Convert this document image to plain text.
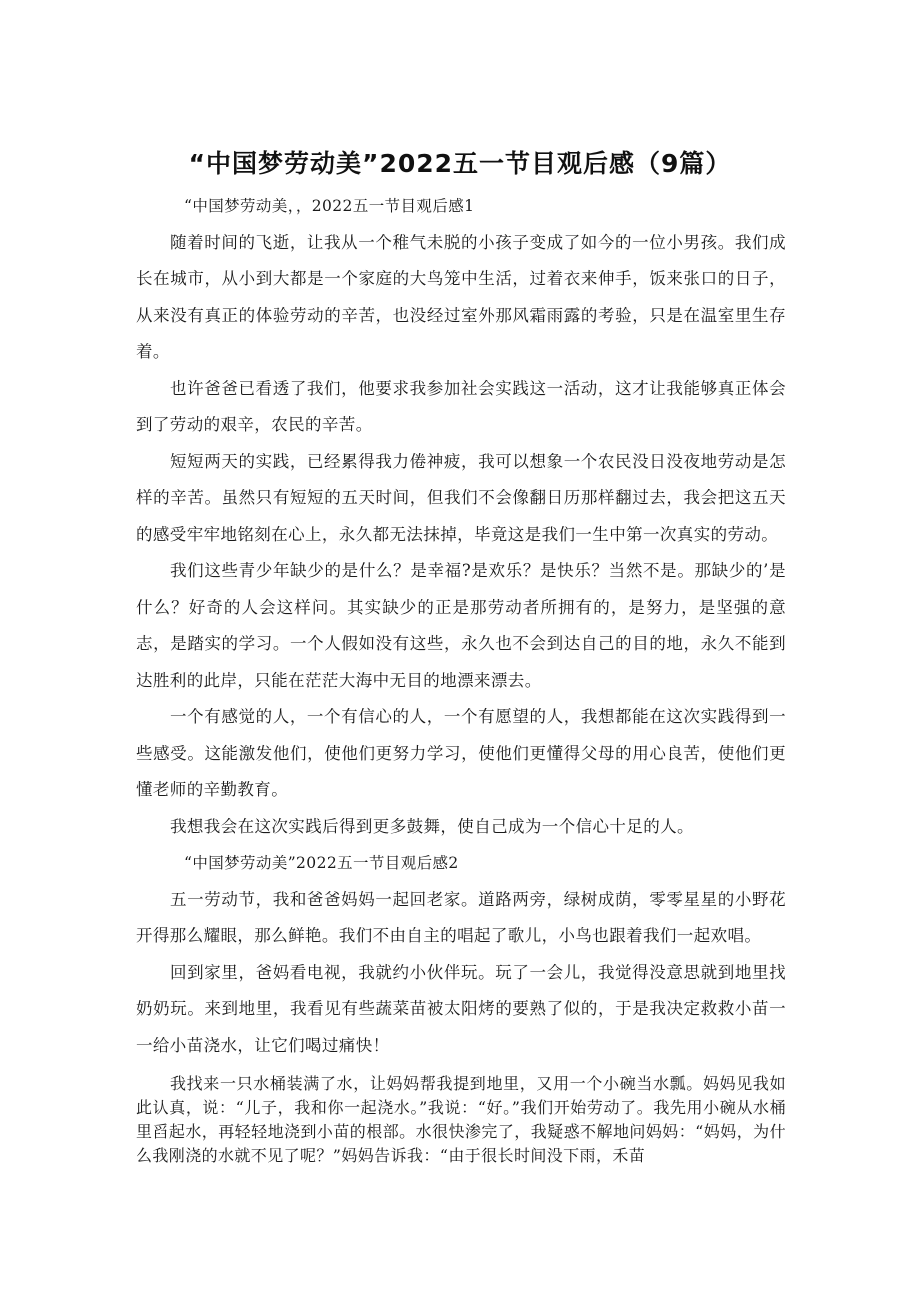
“中国梦劳动美”2022五一节目观后感（9篇）

“中国梦劳动美，，2022五一节目观后感1

随着时间的飞逝，让我从一个稚气未脱的小孩子变成了如今的一位小男孩。我们成长在城市，从小到大都是一个家庭的大鸟笼中生活，过着衣来伸手，饭来张口的日子，从来没有真正的体验劳动的辛苦，也没经过室外那风霜雨露的考验，只是在温室里生存着。

也许爸爸已看透了我们，他要求我参加社会实践这一活动，这才让我能够真正体会到了劳动的艰辛，农民的辛苦。

短短两天的实践，已经累得我力倦神疲，我可以想象一个农民没日没夜地劳动是怎样的辛苦。虽然只有短短的五天时间，但我们不会像翻日历那样翻过去，我会把这五天的感受牢牢地铭刻在心上，永久都无法抹掉，毕竟这是我们一生中第一次真实的劳动。

我们这些青少年缺少的是什么？是幸福?是欢乐？是快乐？当然不是。那缺少的’是什么？好奇的人会这样问。其实缺少的正是那劳动者所拥有的，是努力，是坚强的意志，是踏实的学习。一个人假如没有这些，永久也不会到达自己的目的地，永久不能到达胜利的此岸，只能在茫茫大海中无目的地漂来漂去。

一个有感觉的人，一个有信心的人，一个有愿望的人，我想都能在这次实践得到一些感受。这能激发他们，使他们更努力学习，使他们更懂得父母的用心良苦，使他们更懂老师的辛勤教育。

我想我会在这次实践后得到更多鼓舞，使自己成为一个信心十足的人。

“中国梦劳动美”2022五一节目观后感2

五一劳动节，我和爸爸妈妈一起回老家。道路两旁，绿树成荫，零零星星的小野花开得那么耀眼，那么鲜艳。我们不由自主的唱起了歌儿，小鸟也跟着我们一起欢唱。

回到家里，爸妈看电视，我就约小伙伴玩。玩了一会儿，我觉得没意思就到地里找奶奶玩。来到地里，我看见有些蔬菜苗被太阳烤的要熟了似的，于是我决定救救小苗一一给小苗浇水，让它们喝过痛快！

我找来一只水桶装满了水，让妈妈帮我提到地里，又用一个小碗当水瓢。妈妈见我如此认真，说：“儿子，我和你一起浇水。”我说：“好。”我们开始劳动了。我先用小碗从水桶里舀起水，再轻轻地浇到小苗的根部。水很快渗完了，我疑惑不解地问妈妈：“妈妈，为什么我刚浇的水就不见了呢？”妈妈告诉我：“由于很长时间没下雨，禾苗
